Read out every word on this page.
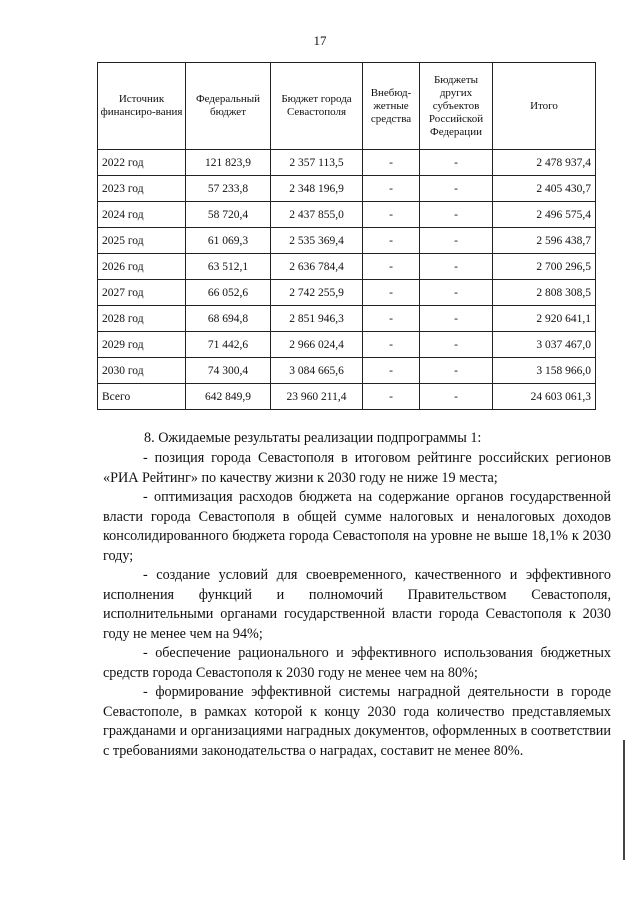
17
Источник финансиро-вания	Федеральный бюджет	Бюджет города Севастополя	Внебюд-жетные средства	Бюджеты других субъектов Российской Федерации	Итого
2022 год	121 823,9	2 357 113,5	-	-	2 478 937,4
2023 год	57 233,8	2 348 196,9	-	-	2 405 430,7
2024 год	58 720,4	2 437 855,0	-	-	2 496 575,4
2025 год	61 069,3	2 535 369,4	-	-	2 596 438,7
2026 год	63 512,1	2 636 784,4	-	-	2 700 296,5
2027 год	66 052,6	2 742 255,9	-	-	2 808 308,5
2028 год	68 694,8	2 851 946,3	-	-	2 920 641,1
2029 год	71 442,6	2 966 024,4	-	-	3 037 467,0
2030 год	74 300,4	3 084 665,6	-	-	3 158 966,0
Всего	642 849,9	23 960 211,4	-	-	24 603 061,3
8. Ожидаемые результаты реализации подпрограммы 1:

- позиция города Севастополя в итоговом рейтинге российских регионов «РИА Рейтинг» по качеству жизни к 2030 году не ниже 19 места;

- оптимизация расходов бюджета на содержание органов государственной власти города Севастополя в общей сумме налоговых и неналоговых доходов консолидированного бюджета города Севастополя на уровне не выше 18,1% к 2030 году;

- создание условий для своевременного, качественного и эффективного исполнения функций и полномочий Правительством Севастополя, исполнительными органами государственной власти города Севастополя к 2030 году не менее чем на 94%;

- обеспечение рационального и эффективного использования бюджетных средств города Севастополя к 2030 году не менее чем на 80%;

- формирование эффективной системы наградной деятельности в городе Севастополе, в рамках которой к концу 2030 года количество представляемых гражданами и организациями наградных документов, оформленных в соответствии с требованиями законодательства о наградах, составит не менее 80%.
